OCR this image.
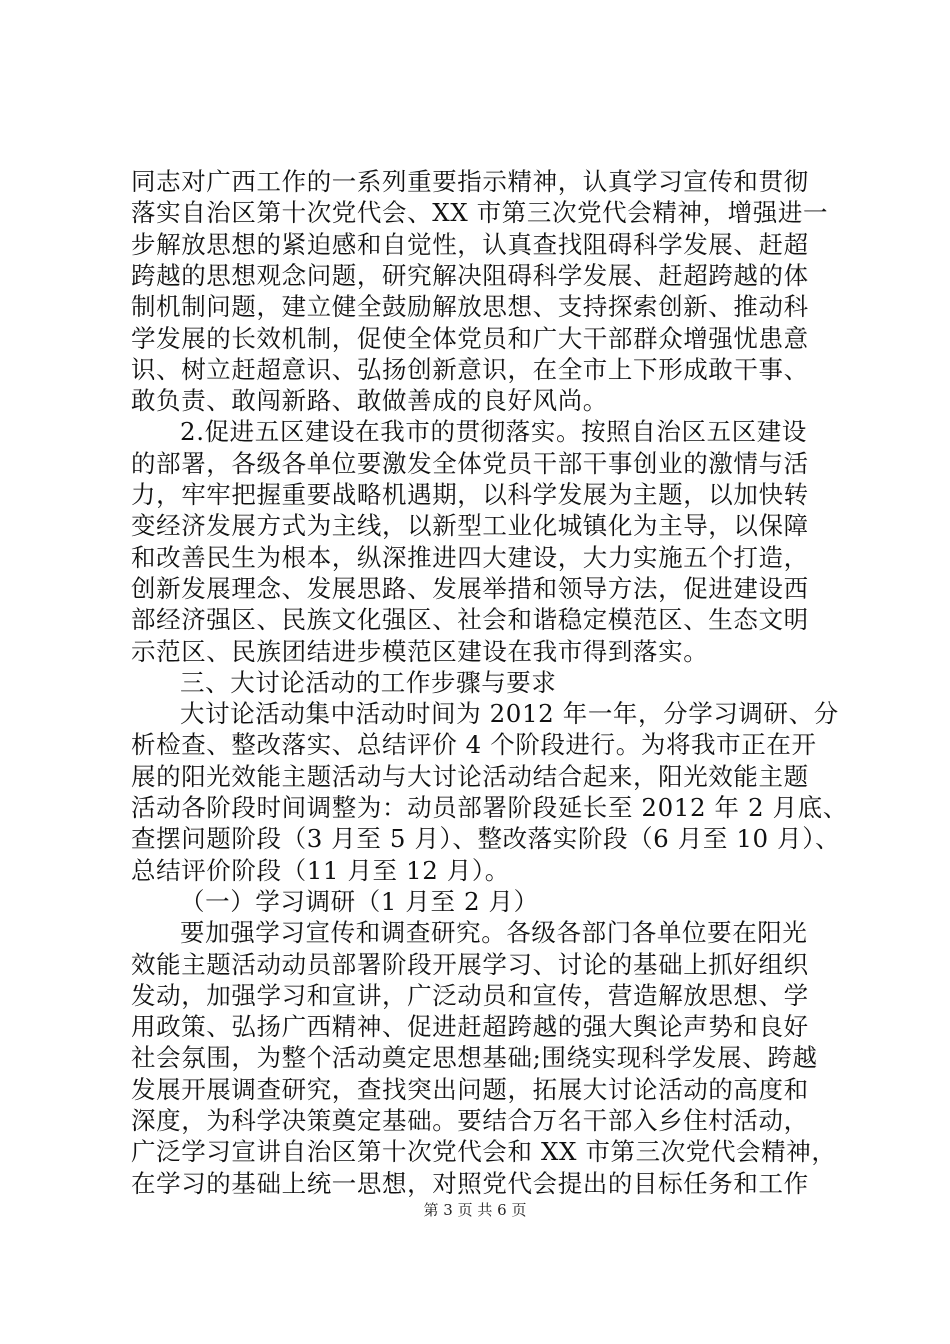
同志对广西工作的一系列重要指示精神，认真学习宣传和贯彻
落实自治区第十次党代会、XX 市第三次党代会精神，增强进一
步解放思想的紧迫感和自觉性，认真查找阻碍科学发展、赶超
跨越的思想观念问题，研究解决阻碍科学发展、赶超跨越的体
制机制问题，建立健全鼓励解放思想、支持探索创新、推动科
学发展的长效机制，促使全体党员和广大干部群众增强忧患意
识、树立赶超意识、弘扬创新意识，在全市上下形成敢干事、
敢负责、敢闯新路、敢做善成的良好风尚。
2.促进五区建设在我市的贯彻落实。按照自治区五区建设
的部署，各级各单位要激发全体党员干部干事创业的激情与活
力，牢牢把握重要战略机遇期，以科学发展为主题，以加快转
变经济发展方式为主线，以新型工业化城镇化为主导，以保障
和改善民生为根本，纵深推进四大建设，大力实施五个打造，
创新发展理念、发展思路、发展举措和领导方法，促进建设西
部经济强区、民族文化强区、社会和谐稳定模范区、生态文明
示范区、民族团结进步模范区建设在我市得到落实。
三、大讨论活动的工作步骤与要求
大讨论活动集中活动时间为 2012 年一年，分学习调研、分
析检查、整改落实、总结评价 4 个阶段进行。为将我市正在开
展的阳光效能主题活动与大讨论活动结合起来，阳光效能主题
活动各阶段时间调整为：动员部署阶段延长至 2012 年 2 月底、
查摆问题阶段（3 月至 5 月）、整改落实阶段（6 月至 10 月）、
总结评价阶段（11 月至 12 月）。
（一）学习调研（1 月至 2 月）
要加强学习宣传和调查研究。各级各部门各单位要在阳光
效能主题活动动员部署阶段开展学习、讨论的基础上抓好组织
发动，加强学习和宣讲，广泛动员和宣传，营造解放思想、学
用政策、弘扬广西精神、促进赶超跨越的强大舆论声势和良好
社会氛围，为整个活动奠定思想基础;围绕实现科学发展、跨越
发展开展调查研究，查找突出问题，拓展大讨论活动的高度和
深度，为科学决策奠定基础。要结合万名干部入乡住村活动，
广泛学习宣讲自治区第十次党代会和 XX 市第三次党代会精神，
在学习的基础上统一思想，对照党代会提出的目标任务和工作
第 3 页 共 6 页
